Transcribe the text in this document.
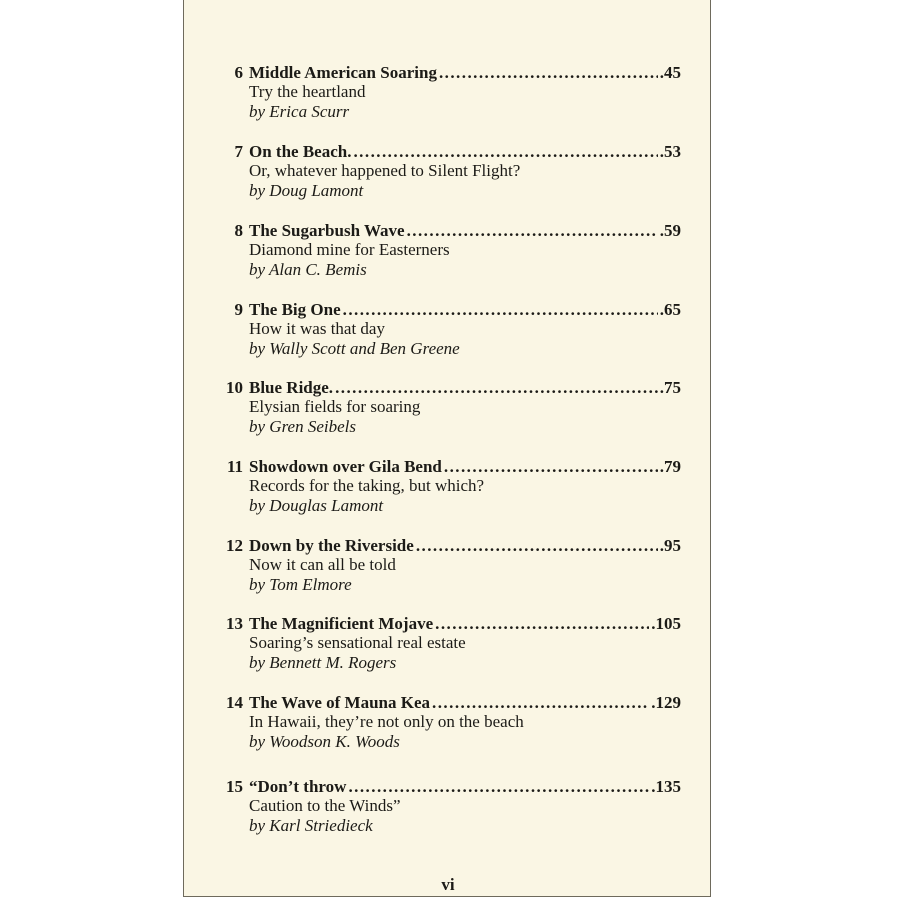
6 Middle American Soaring . . .	.45
Try the heartland
by Erica Scurr
7 On the Beach. . . .	.53
Or, whatever happened to Silent Flight?
by Doug Lamont
8 The Sugarbush Wave . . .	.59
Diamond mine for Easterners
by Alan C. Bemis
9 The Big One . . .	.65
How it was that day
by Wally Scott and Ben Greene
10 Blue Ridge. . . .	.75
Elysian fields for soaring
by Gren Seibels
11 Showdown over Gila Bend . . .	.79
Records for the taking, but which?
by Douglas Lamont
12 Down by the Riverside . . .	.95
Now it can all be told
by Tom Elmore
13 The Magnificient Mojave . . .	.105
Soaring’s sensational real estate
by Bennett M. Rogers
14 The Wave of Mauna Kea . . .	.129
In Hawaii, they’re not only on the beach
by Woodson K. Woods
15 “Don’t throw . . .	.135
Caution to the Winds”
by Karl Striedieck
vi
